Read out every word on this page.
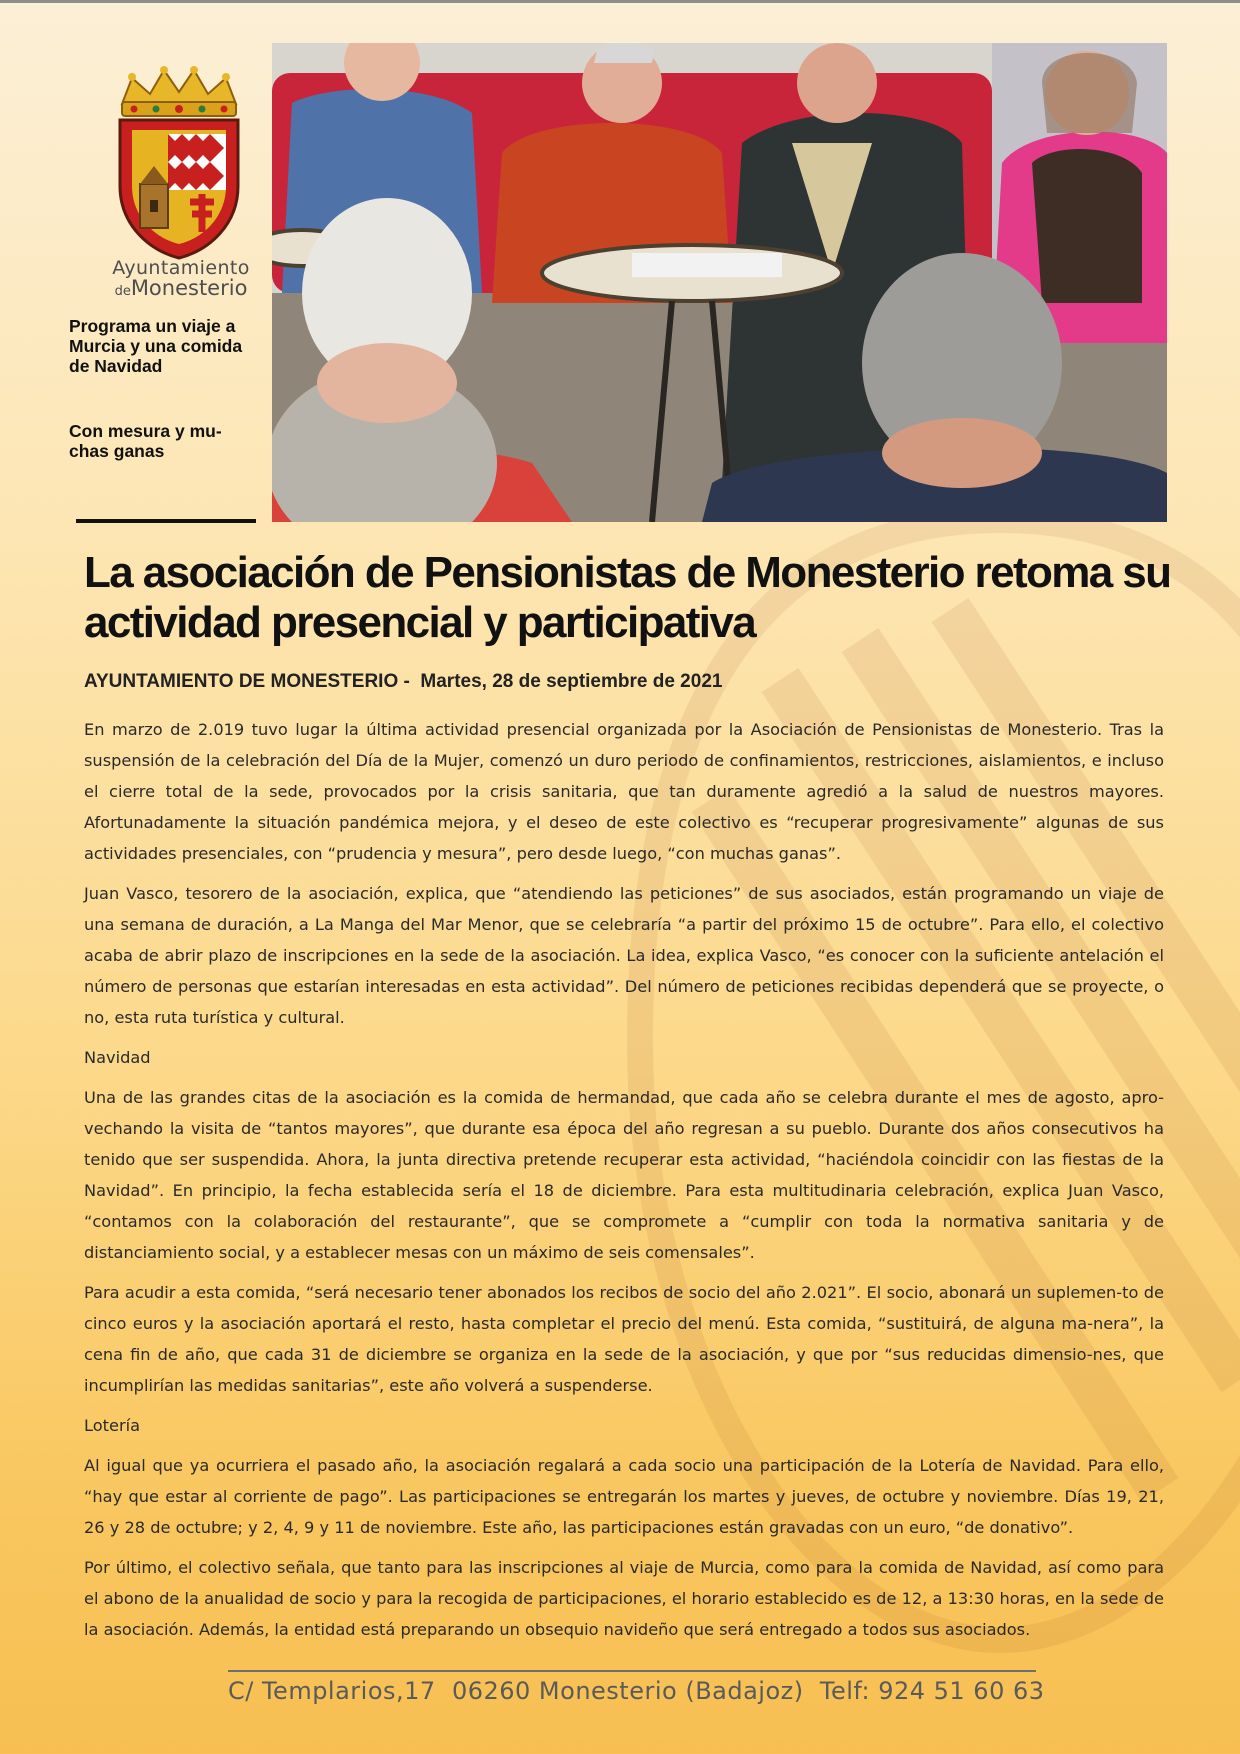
Ayuntamiento
deMonesterio

Programa un viaje a Murcia y una comida de Navidad

Con mesura y mu-chas ganas

La asociación de Pensionistas de Monesterio retoma su actividad presencial y participativa

AYUNTAMIENTO DE MONESTERIO -  Martes, 28 de septiembre de 2021

En marzo de 2.019 tuvo lugar la última actividad presencial organizada por la Asociación de Pensionistas de Monesterio. Tras la suspensión de la celebración del Día de la Mujer, comenzó un duro periodo de confinamientos, restricciones, aislamientos, e incluso el cierre total de la sede, provocados por la crisis sanitaria, que tan duramente agredió a la salud de nuestros mayores. Afortunadamente la situación pandémica mejora, y el deseo de este colectivo es “recuperar progresivamente” algunas de sus actividades presenciales, con “prudencia y mesura”, pero desde luego, “con muchas ganas”.

Juan Vasco, tesorero de la asociación, explica, que “atendiendo las peticiones” de sus asociados, están programando un viaje de una semana de duración, a La Manga del Mar Menor, que se celebraría “a partir del próximo 15 de octubre”. Para ello, el colectivo acaba de abrir plazo de inscripciones en la sede de la asociación. La idea, explica Vasco, “es conocer con la suficiente antelación el número de personas que estarían interesadas en esta actividad”. Del número de peticiones recibidas dependerá que se proyecte, o no, esta ruta turística y cultural.

Navidad

Una de las grandes citas de la asociación es la comida de hermandad, que cada año se celebra durante el mes de agosto, apro-vechando la visita de “tantos mayores”, que durante esa época del año regresan a su pueblo. Durante dos años consecutivos ha tenido que ser suspendida. Ahora, la junta directiva pretende recuperar esta actividad, “haciéndola coincidir con las fiestas de la Navidad”. En principio, la fecha establecida sería el 18 de diciembre. Para esta multitudinaria celebración, explica Juan Vasco, “contamos con la colaboración del restaurante”, que se compromete a “cumplir con toda la normativa sanitaria y de distanciamiento social, y a establecer mesas con un máximo de seis comensales”.

Para acudir a esta comida, “será necesario tener abonados los recibos de socio del año 2.021”. El socio, abonará un suplemen-to de cinco euros y la asociación aportará el resto, hasta completar el precio del menú. Esta comida, “sustituirá, de alguna ma-nera”, la cena fin de año, que cada 31 de diciembre se organiza en la sede de la asociación, y que por “sus reducidas dimensio-nes, que incumplirían las medidas sanitarias”, este año volverá a suspenderse.

Lotería

Al igual que ya ocurriera el pasado año, la asociación regalará a cada socio una participación de la Lotería de Navidad. Para ello, “hay que estar al corriente de pago”. Las participaciones se entregarán los martes y jueves, de octubre y noviembre. Días 19, 21, 26 y 28 de octubre; y 2, 4, 9 y 11 de noviembre. Este año, las participaciones están gravadas con un euro, “de donativo”.

Por último, el colectivo señala, que tanto para las inscripciones al viaje de Murcia, como para la comida de Navidad, así como para el abono de la anualidad de socio y para la recogida de participaciones, el horario establecido es de 12, a 13:30 horas, en la sede de la asociación. Además, la entidad está preparando un obsequio navideño que será entregado a todos sus asociados.

C/ Templarios,17  06260 Monesterio (Badajoz)  Telf: 924 51 60 63
